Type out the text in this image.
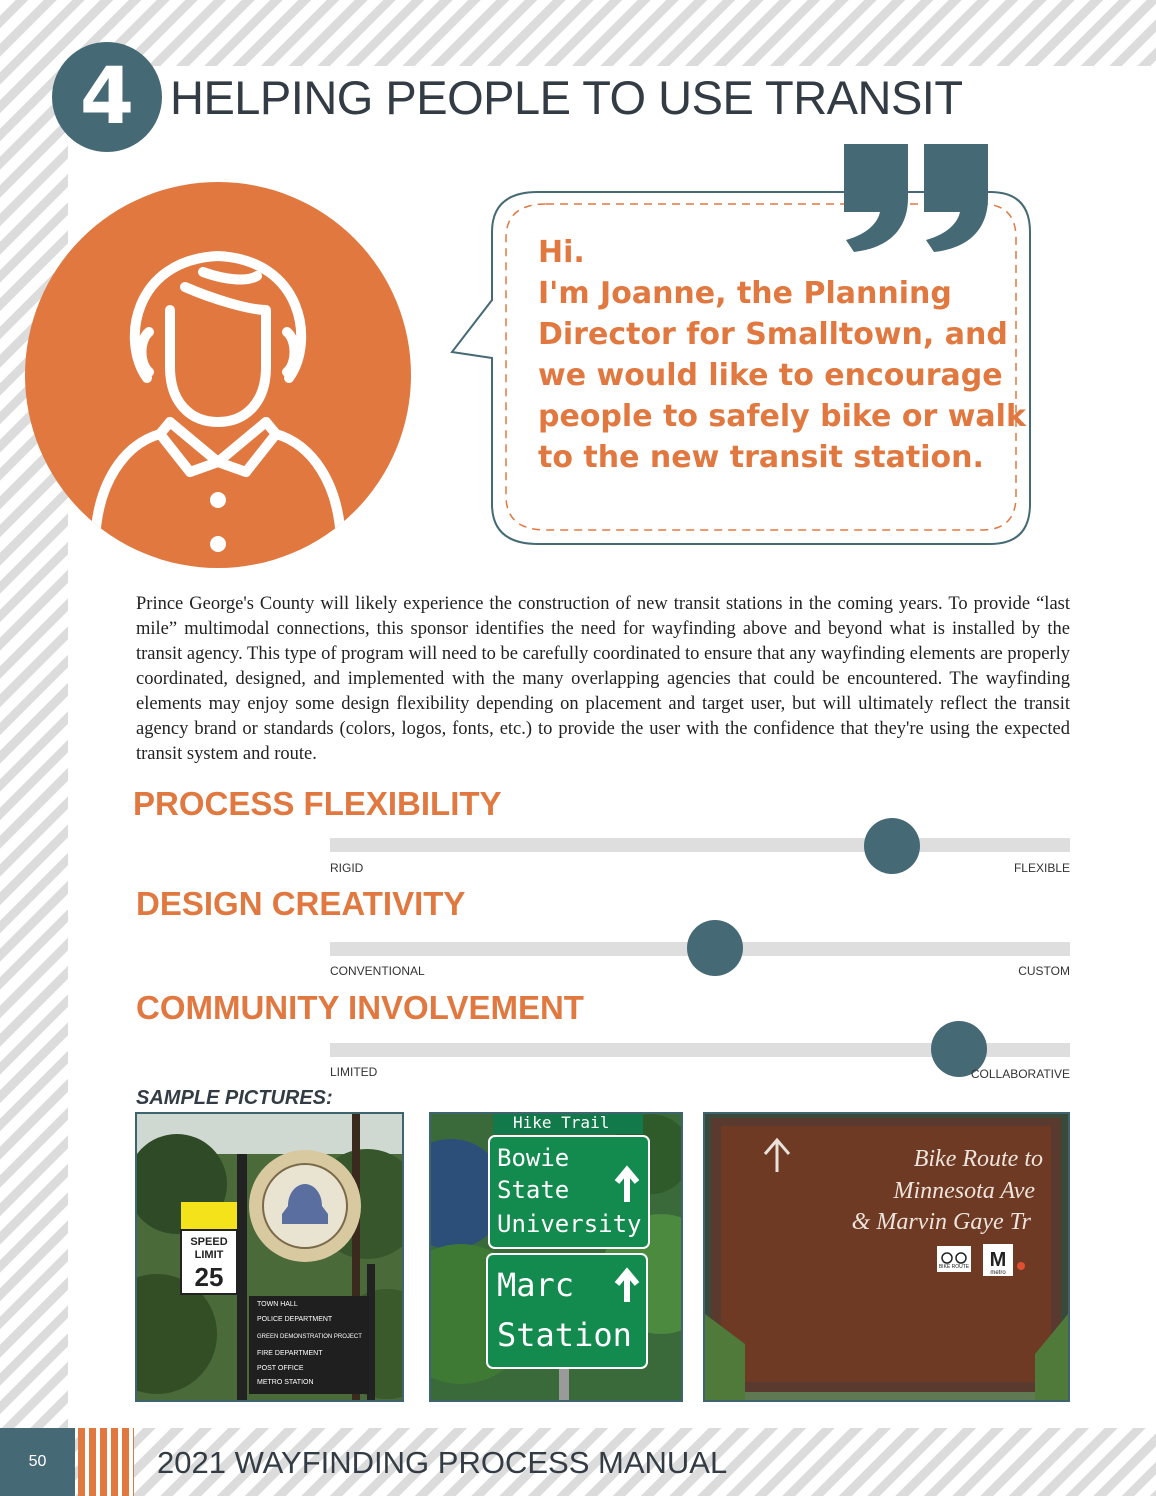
4 HELPING PEOPLE TO USE TRANSIT
Hi.
I'm Joanne, the Planning
Director for Smalltown, and
we would like to encourage
people to safely bike or walk
to the new transit station.
Prince George's County will likely experience the construction of new transit stations in the coming years. To provide “last mile” multimodal connections, this sponsor identifies the need for wayfinding above and beyond what is installed by the transit agency. This type of program will need to be carefully coordinated to ensure that any wayfinding elements are properly coordinated, designed, and implemented with the many overlapping agencies that could be encountered. The wayfinding elements may enjoy some design flexibility depending on placement and target user, but will ultimately reflect the transit agency brand or standards (colors, logos, fonts, etc.) to provide the user with the confidence that they're using the expected transit system and route.
PROCESS FLEXIBILITY
RIGID	FLEXIBLE
DESIGN CREATIVITY
CONVENTIONAL	CUSTOM
COMMUNITY INVOLVEMENT
LIMITED	COLLABORATIVE
SAMPLE PICTURES:
SPEED
LIMIT
25
TOWN HALL
POLICE DEPARTMENT
GREEN DEMONSTRATION PROJECT
FIRE DEPARTMENT
POST OFFICE
METRO STATION
Hike Trail
Bowie
State
University
Marc
Station
Bike Route to
Minnesota Ave
& Marvin Gaye Tr
BIKE ROUTE M
metro
50	2021 WAYFINDING PROCESS MANUAL
